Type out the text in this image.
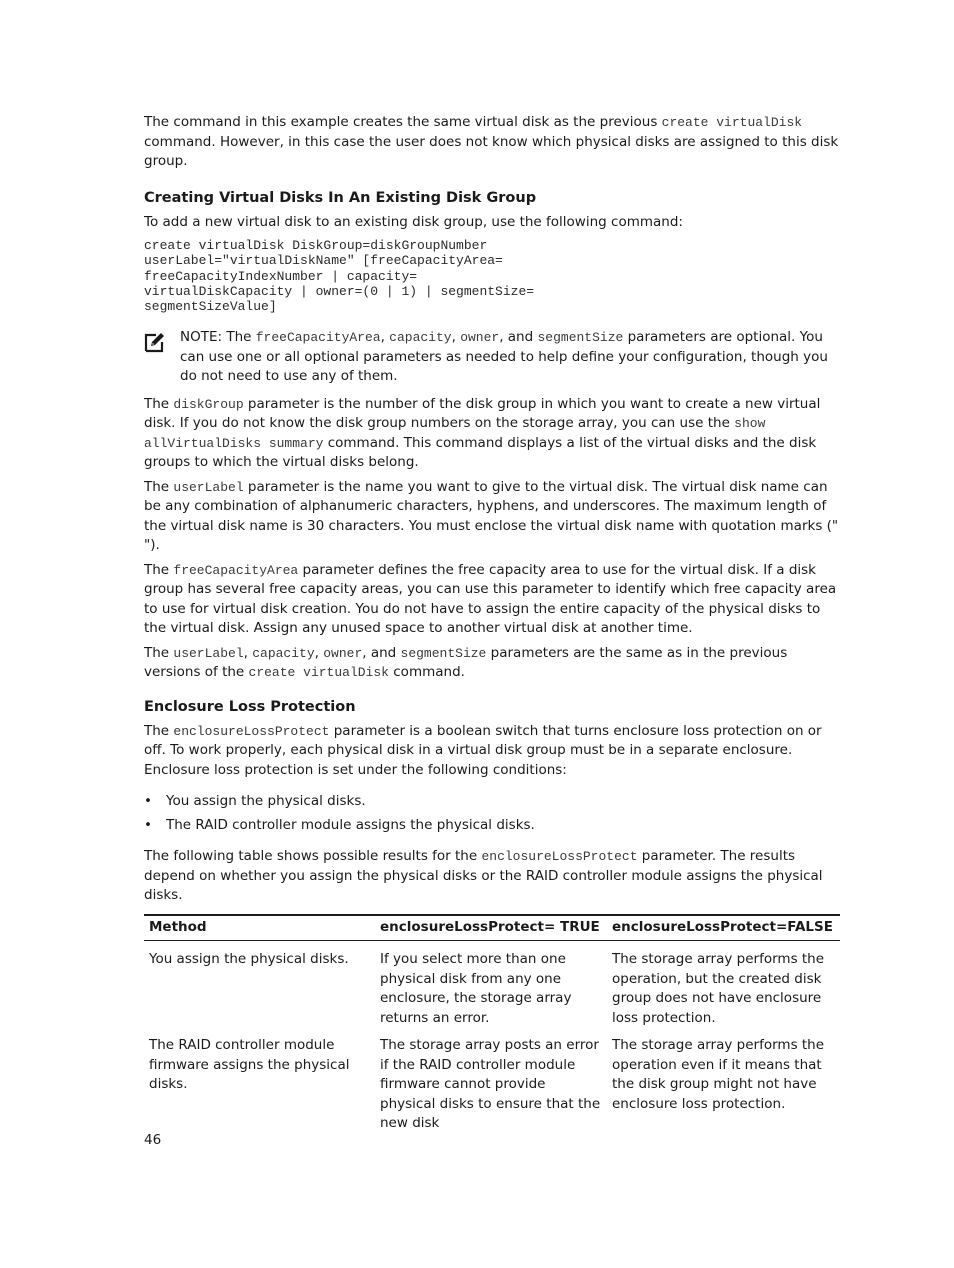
The command in this example creates the same virtual disk as the previous create virtualDisk command. However, in this case the user does not know which physical disks are assigned to this disk group.

Creating Virtual Disks In An Existing Disk Group

To add a new virtual disk to an existing disk group, use the following command:

create virtualDisk DiskGroup=diskGroupNumber
userLabel="virtualDiskName" [freeCapacityArea=
freeCapacityIndexNumber | capacity=
virtualDiskCapacity | owner=(0 | 1) | segmentSize=
segmentSizeValue]

NOTE: The freeCapacityArea, capacity, owner, and segmentSize parameters are optional. You can use one or all optional parameters as needed to help define your configuration, though you do not need to use any of them.

The diskGroup parameter is the number of the disk group in which you want to create a new virtual disk. If you do not know the disk group numbers on the storage array, you can use the show allVirtualDisks summary command. This command displays a list of the virtual disks and the disk groups to which the virtual disks belong.

The userLabel parameter is the name you want to give to the virtual disk. The virtual disk name can be any combination of alphanumeric characters, hyphens, and underscores. The maximum length of the virtual disk name is 30 characters. You must enclose the virtual disk name with quotation marks (" ").

The freeCapacityArea parameter defines the free capacity area to use for the virtual disk. If a disk group has several free capacity areas, you can use this parameter to identify which free capacity area to use for virtual disk creation. You do not have to assign the entire capacity of the physical disks to the virtual disk. Assign any unused space to another virtual disk at another time.

The userLabel, capacity, owner, and segmentSize parameters are the same as in the previous versions of the create virtualDisk command.

Enclosure Loss Protection

The enclosureLossProtect parameter is a boolean switch that turns enclosure loss protection on or off. To work properly, each physical disk in a virtual disk group must be in a separate enclosure. Enclosure loss protection is set under the following conditions:

• You assign the physical disks.
• The RAID controller module assigns the physical disks.

The following table shows possible results for the enclosureLossProtect parameter. The results depend on whether you assign the physical disks or the RAID controller module assigns the physical disks.

Method	enclosureLossProtect= TRUE	enclosureLossProtect=FALSE
You assign the physical disks.	If you select more than one physical disk from any one enclosure, the storage array returns an error.	The storage array performs the operation, but the created disk group does not have enclosure loss protection.
The RAID controller module firmware assigns the physical disks.	The storage array posts an error if the RAID controller module firmware cannot provide physical disks to ensure that the new disk	The storage array performs the operation even if it means that the disk group might not have enclosure loss protection.
46
